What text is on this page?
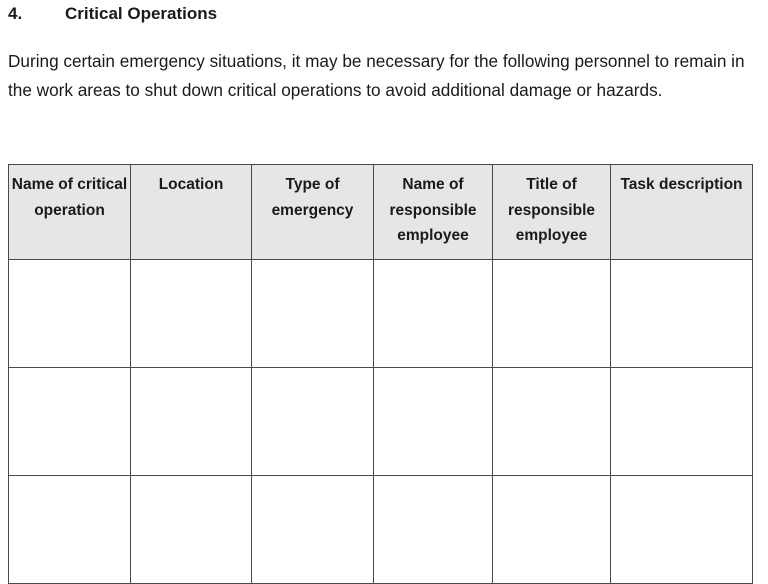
4.	Critical Operations
During certain emergency situations, it may be necessary for the following personnel to remain in the work areas to shut down critical operations to avoid additional damage or hazards.
Name of critical operation	Location	Type of emergency	Name of responsible employee	Title of responsible employee	Task description
